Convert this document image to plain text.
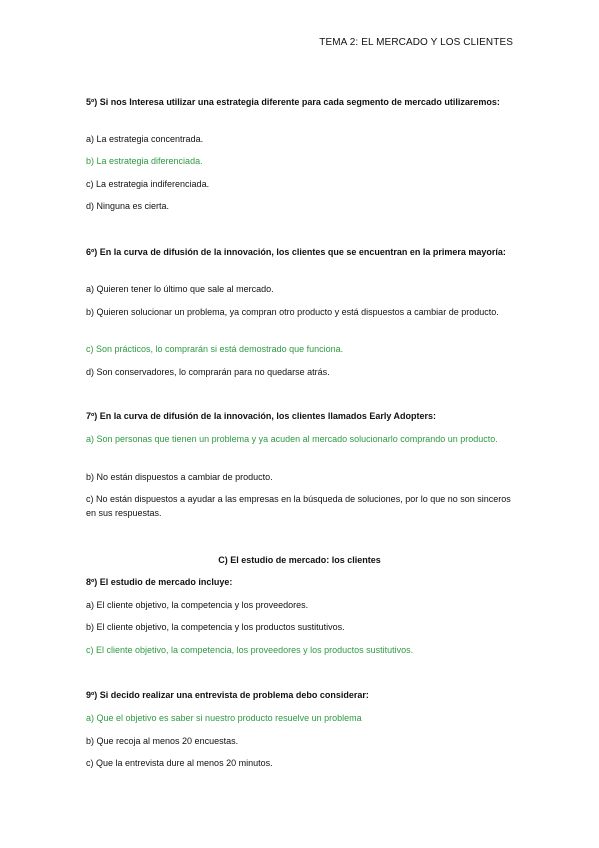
TEMA 2: EL MERCADO Y LOS CLIENTES
5º) Si nos Interesa utilizar una estrategia diferente para cada segmento de mercado utilizaremos:
a) La estrategia concentrada.
b) La estrategia diferenciada.
c) La estrategia indiferenciada.
d) Ninguna es cierta.
6º) En la curva de difusión de la innovación, los clientes que se encuentran en la primera mayoría:
a) Quieren tener lo último que sale al mercado.
b) Quieren solucionar un problema, ya compran otro producto y está dispuestos a cambiar de producto.
c) Son prácticos, lo comprarán si está demostrado que funciona.
d) Son conservadores, lo comprarán para no quedarse atrás.
7º) En la curva de difusión de la innovación, los clientes llamados Early Adopters:
a) Son personas que tienen un problema y ya acuden al mercado solucionarlo comprando un producto.
b) No están dispuestos a cambiar de producto.
c) No están dispuestos a ayudar a las empresas en la búsqueda de soluciones, por lo que no son sinceros en sus respuestas.
C) El estudio de mercado: los clientes
8º) El estudio de mercado incluye:
a) El cliente objetivo, la competencia y los proveedores.
b) El cliente objetivo, la competencia y los productos sustitutivos.
c) El cliente objetivo, la competencia, los proveedores y los productos sustitutivos.
9º) Si decido realizar una entrevista de problema debo considerar:
a) Que el objetivo es saber si nuestro producto resuelve un problema
b) Que recoja al menos 20 encuestas.
c) Que la entrevista dure al menos 20 minutos.
